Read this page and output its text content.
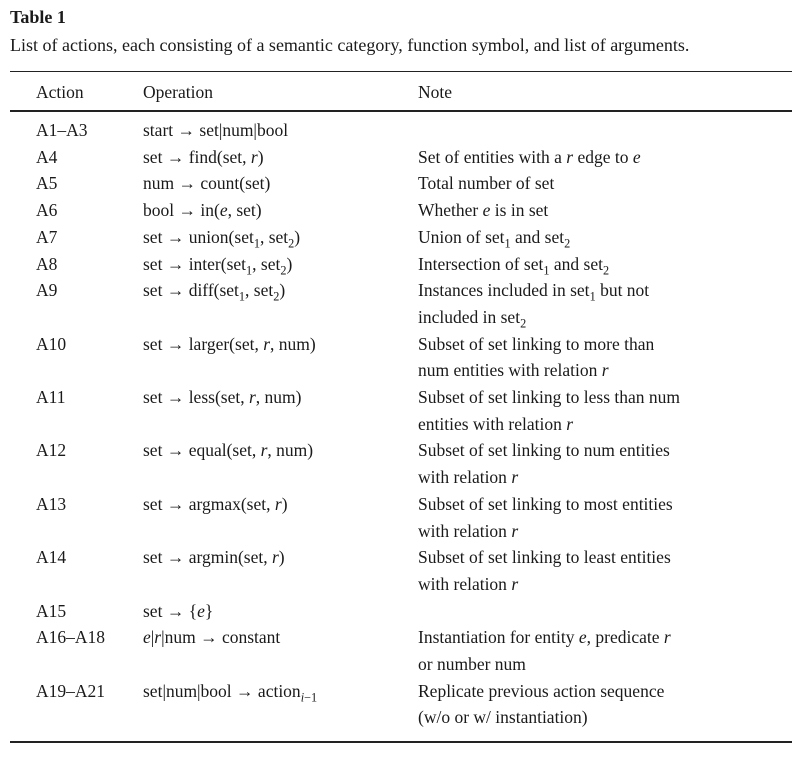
Table 1

List of actions, each consisting of a semantic category, function symbol, and list of arguments.

Action	Operation	Note
A1–A3	start → set|num|bool	
A4	set → find(set, r)	Set of entities with a r edge to e
A5	num → count(set)	Total number of set
A6	bool → in(e, set)	Whether e is in set
A7	set → union(set$_1$, set$_2$)	Union of set$_1$ and set$_2$
A8	set → inter(set$_1$, set$_2$)	Intersection of set$_1$ and set$_2$
A9	set → diff(set$_1$, set$_2$)	Instances included in set$_1$ but not
included in set$_2$
A10	set → larger(set, r, num)	Subset of set linking to more than
num entities with relation r
A11	set → less(set, r, num)	Subset of set linking to less than num
entities with relation r
A12	set → equal(set, r, num)	Subset of set linking to num entities
with relation r
A13	set → argmax(set, r)	Subset of set linking to most entities
with relation r
A14	set → argmin(set, r)	Subset of set linking to least entities
with relation r
A15	set → {e}	
A16–A18	e|r|num → constant	Instantiation for entity e, predicate r
or number num
A19–A21	set|num|bool → action$_{i-1}$	Replicate previous action sequence
(w/o or w/ instantiation)
